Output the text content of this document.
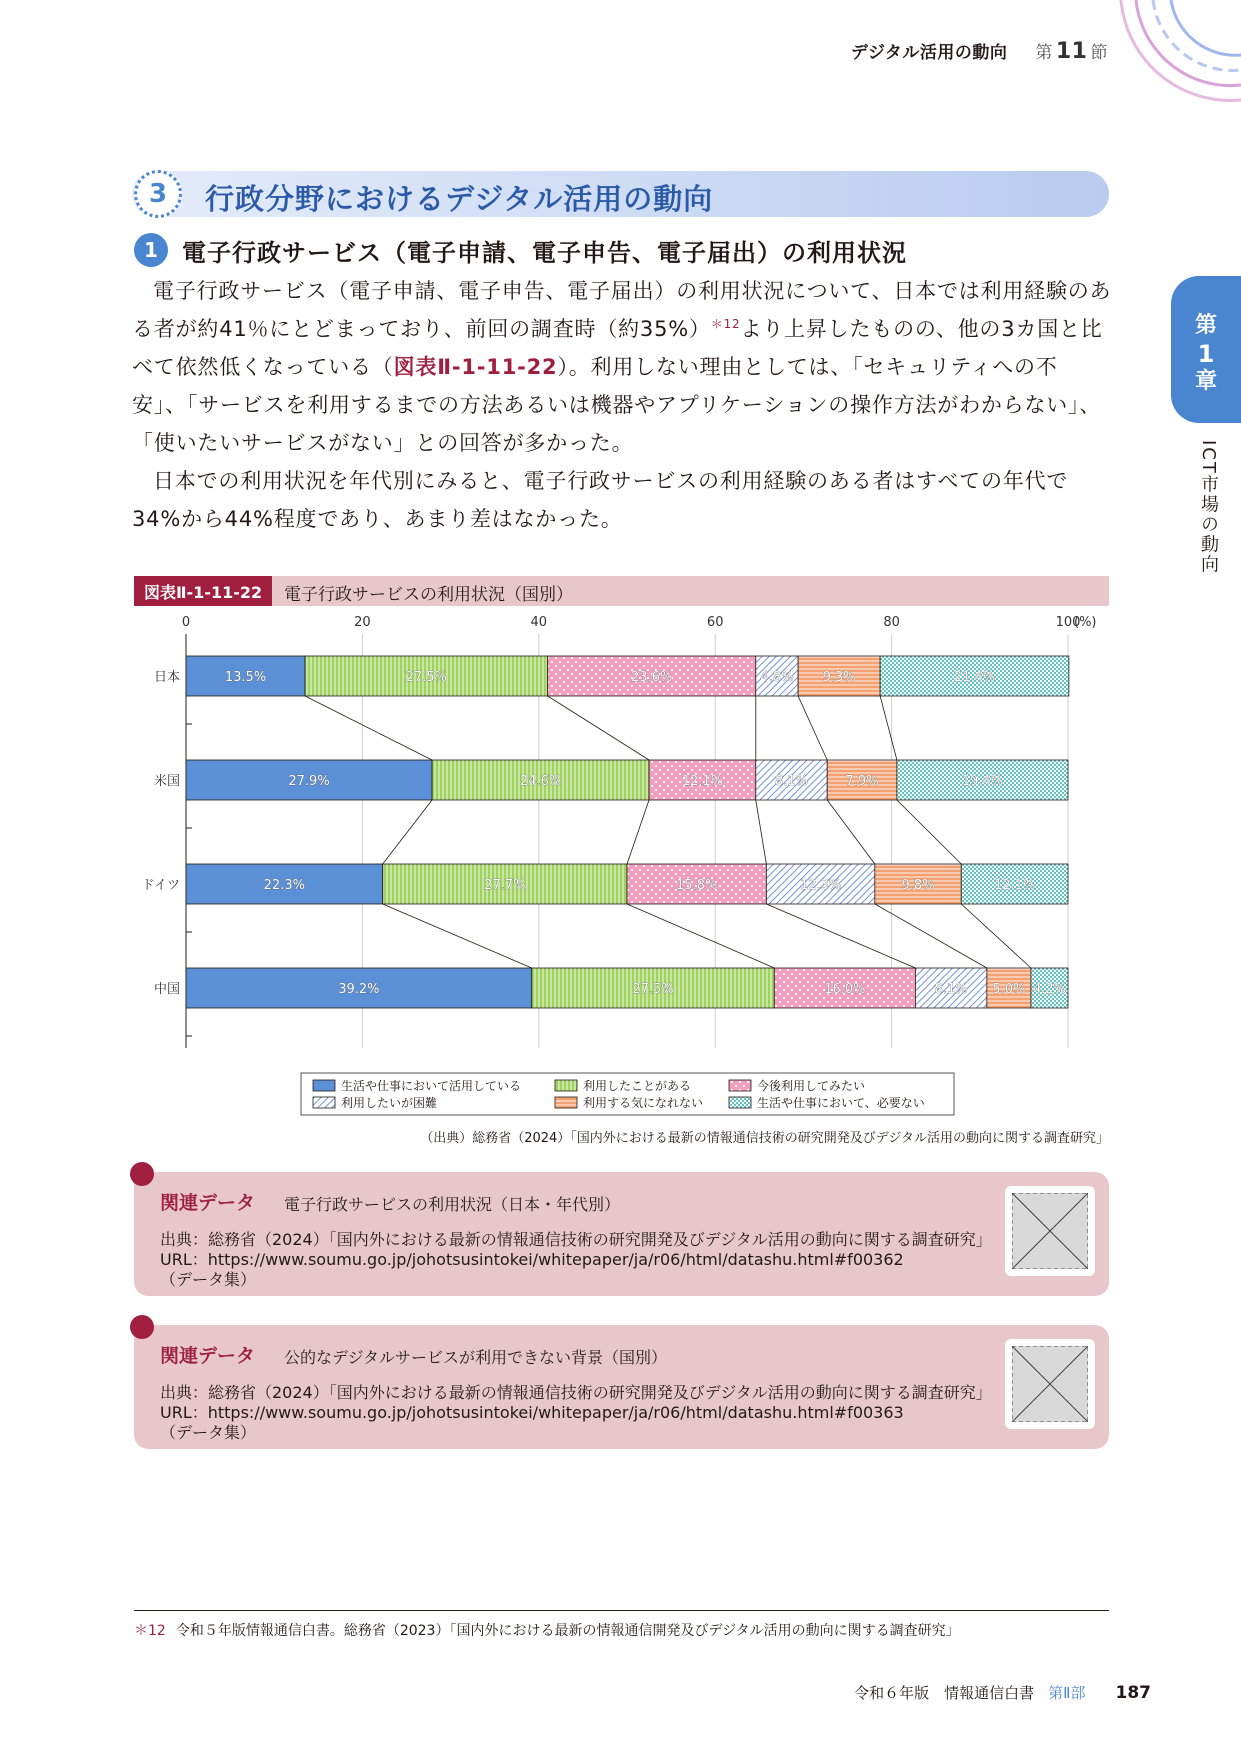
デジタル活用の動向 第 11 節
第
1
章
ICT市場の動向
3	行政分野におけるデジタル活用の動向
1	電子行政サービス（電子申請、電子申告、電子届出）の利用状況

電子行政サービス（電子申請、電子申告、電子届出）の利用状況について、日本では利用経験のある者が約41％にとどまっており、前回の調査時（約35%）$^{*12}$より上昇したものの、他の3カ国と比べて依然低くなっている（図表Ⅱ-1-11-22）。利用しない理由としては、「セキュリティへの不安」、「サービスを利用するまでの方法あるいは機器やアプリケーションの操作方法がわからない」、「使いたいサービスがない」との回答が多かった。

日本での利用状況を年代別にみると、電子行政サービスの利用経験のある者はすべての年代で34%から44%程度であり、あまり差はなかった。

図表Ⅱ-1-11-22	電子行政サービスの利用状況（国別）
0	20	40	60	80	100
(%)
13.5%	27.5%	23.6%	4.8% 9.3%	21.4%
日本
27.9%	24.6%	12.1%	8.1%	7.9%	19.4%
米国
22.3%	27.7%	15.8%	12.3%	9.8%	12.1%
ドイツ
39.2%	27.5%	16.0%	8.1% 5.0% 4.2%
中国
生活や仕事において活用している	利用したことがある	今後利用してみたい
利用したいが困難	利用する気になれない	生活や仕事において、必要ない
（出典）総務省（2024）「国内外における最新の情報通信技術の研究開発及びデジタル活用の動向に関する調査研究」
関連データ 電子行政サービスの利用状況（日本・年代別）
出典：総務省（2024）「国内外における最新の情報通信技術の研究開発及びデジタル活用の動向に関する調査研究」
URL：https://www.soumu.go.jp/johotsusintokei/whitepaper/ja/r06/html/datashu.html#f00362
（データ集）
関連データ 公的なデジタルサービスが利用できない背景（国別）
出典：総務省（2024）「国内外における最新の情報通信技術の研究開発及びデジタル活用の動向に関する調査研究」
URL：https://www.soumu.go.jp/johotsusintokei/whitepaper/ja/r06/html/datashu.html#f00363
（データ集）
＊12 令和５年版情報通信白書。総務省（2023）「国内外における最新の情報通信開発及びデジタル活用の動向に関する調査研究」
令和６年版　情報通信白書 第Ⅱ部 187
